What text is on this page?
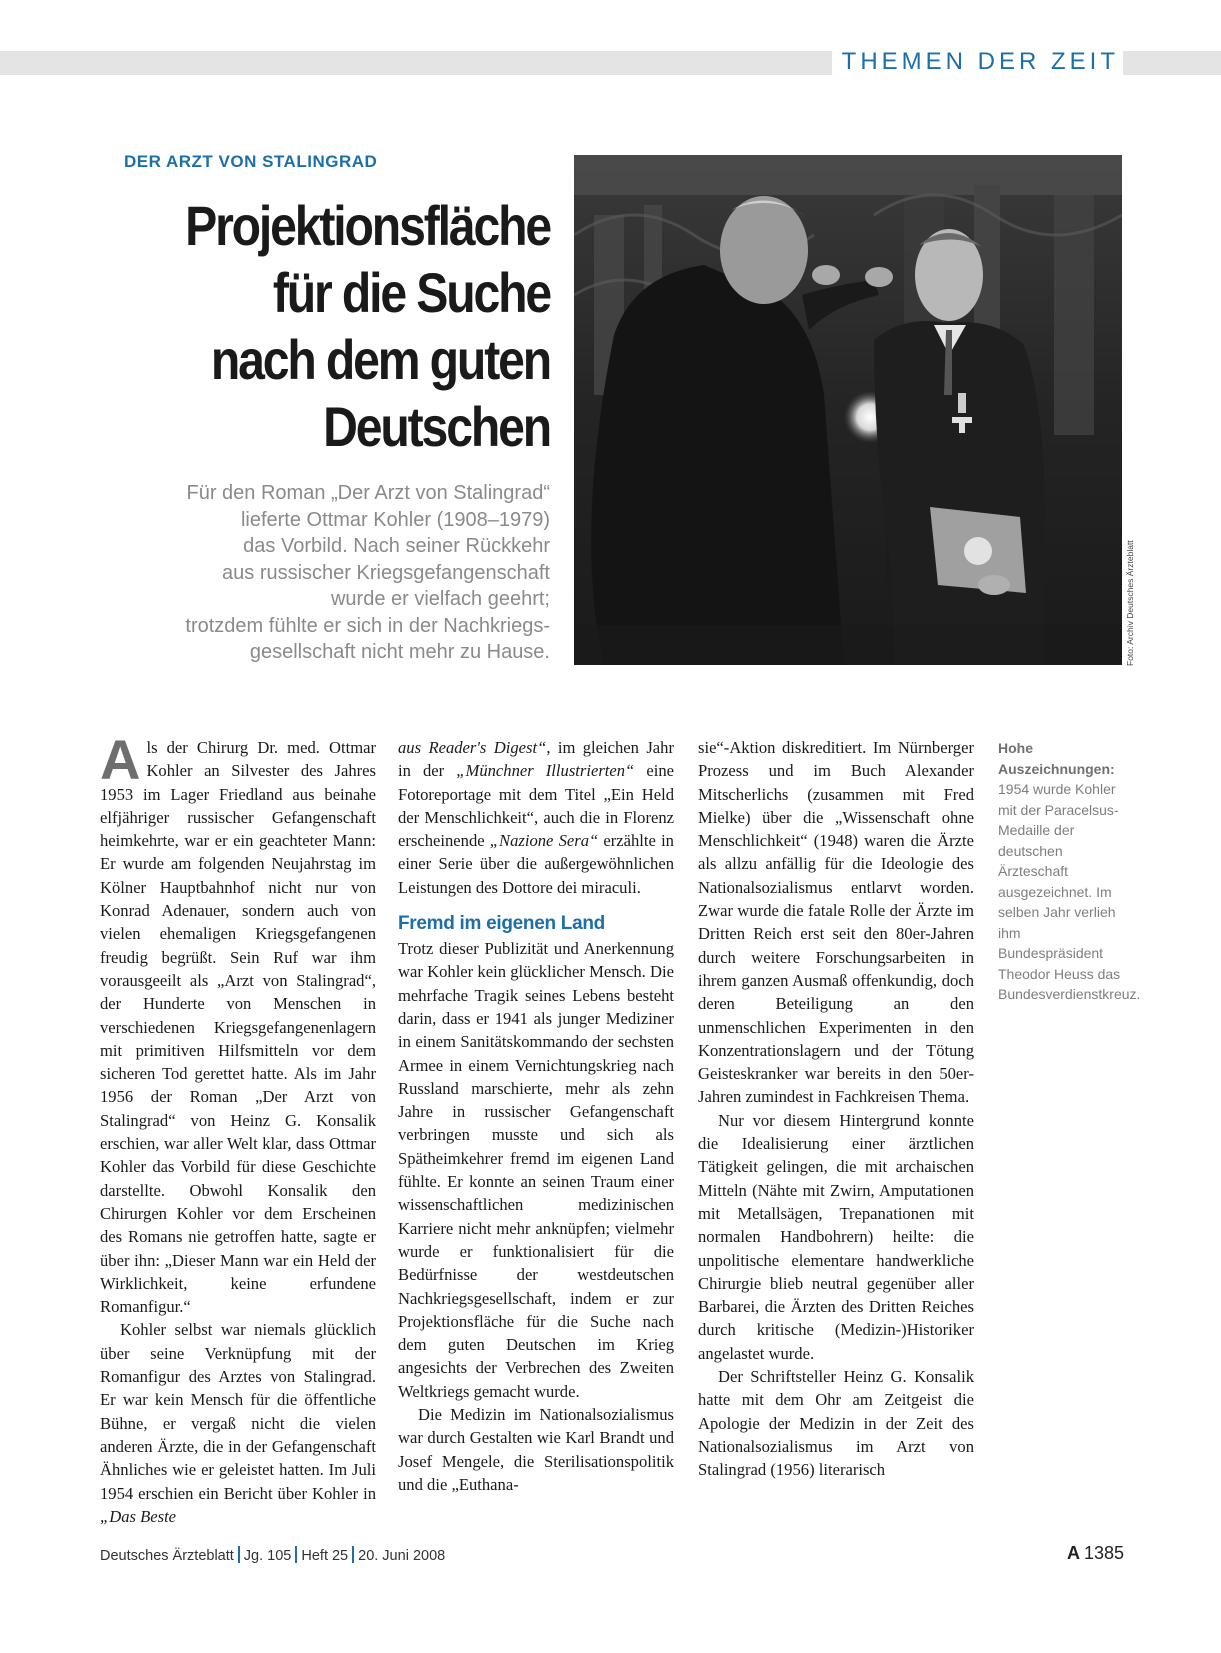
THEMEN DER ZEIT
DER ARZT VON STALINGRAD
Projektionsfläche
für die Suche
nach dem guten
Deutschen
Für den Roman „Der Arzt von Stalingrad“
lieferte Ottmar Kohler (1908–1979)
das Vorbild. Nach seiner Rückkehr
aus russischer Kriegsgefangenschaft
wurde er vielfach geehrt;
trotzdem fühlte er sich in der Nachkriegs-
gesellschaft nicht mehr zu Hause.	Foto: Archiv Deutsches Ärzteblatt

Als der Chirurg Dr. med. Ottmar Kohler an Silvester des Jahres 1953 im Lager Friedland aus beinahe elfjähriger russischer Gefangenschaft heimkehrte, war er ein geachteter Mann: Er wurde am folgenden Neujahrstag im Kölner Hauptbahnhof nicht nur von Konrad Adenauer, sondern auch von vielen ehemaligen Kriegsgefangenen freudig begrüßt. Sein Ruf war ihm vorausgeeilt als „Arzt von Stalingrad“, der Hunderte von Menschen in verschiedenen Kriegsgefangenenlagern mit primitiven Hilfsmitteln vor dem sicheren Tod gerettet hatte. Als im Jahr 1956 der Roman „Der Arzt von Stalingrad“ von Heinz G. Konsalik erschien, war aller Welt klar, dass Ottmar Kohler das Vorbild für diese Geschichte darstellte. Obwohl Konsalik den Chirurgen Kohler vor dem Erscheinen des Romans nie getroffen hatte, sagte er über ihn: „Dieser Mann war ein Held der Wirklichkeit, keine erfundene Romanfigur.“

Kohler selbst war niemals glücklich über seine Verknüpfung mit der Romanfigur des Arztes von Stalingrad. Er war kein Mensch für die öffentliche Bühne, er vergaß nicht die vielen anderen Ärzte, die in der Gefangenschaft Ähnliches wie er geleistet hatten. Im Juli 1954 erschien ein Bericht über Kohler in „Das Beste

aus Reader's Digest“, im gleichen Jahr in der „Münchner Illustrierten“ eine Fotoreportage mit dem Titel „Ein Held der Menschlichkeit“, auch die in Florenz erscheinende „Nazione Sera“ erzählte in einer Serie über die außergewöhnlichen Leistungen des Dottore dei miraculi.

Fremd im eigenen Land

Trotz dieser Publizität und Anerkennung war Kohler kein glücklicher Mensch. Die mehrfache Tragik seines Lebens besteht darin, dass er 1941 als junger Mediziner in einem Sanitätskommando der sechsten Armee in einem Vernichtungskrieg nach Russland marschierte, mehr als zehn Jahre in russischer Gefangenschaft verbringen musste und sich als Spätheimkehrer fremd im eigenen Land fühlte. Er konnte an seinen Traum einer wissenschaftlichen medizinischen Karriere nicht mehr anknüpfen; vielmehr wurde er funktionalisiert für die Bedürfnisse der westdeutschen Nachkriegsgesellschaft, indem er zur Projektionsfläche für die Suche nach dem guten Deutschen im Krieg angesichts der Verbrechen des Zweiten Weltkriegs gemacht wurde.

Die Medizin im Nationalsozialismus war durch Gestalten wie Karl Brandt und Josef Mengele, die Sterilisationspolitik und die „Euthana-

sie“-Aktion diskreditiert. Im Nürnberger Prozess und im Buch Alexander Mitscherlichs (zusammen mit Fred Mielke) über die „Wissenschaft ohne Menschlichkeit“ (1948) waren die Ärzte als allzu anfällig für die Ideologie des Nationalsozialismus entlarvt worden. Zwar wurde die fatale Rolle der Ärzte im Dritten Reich erst seit den 80er-Jahren durch weitere Forschungsarbeiten in ihrem ganzen Ausmaß offenkundig, doch deren Beteiligung an den unmenschlichen Experimenten in den Konzentrationslagern und der Tötung Geisteskranker war bereits in den 50er-Jahren zumindest in Fachkreisen Thema.

Nur vor diesem Hintergrund konnte die Idealisierung einer ärztlichen Tätigkeit gelingen, die mit archaischen Mitteln (Nähte mit Zwirn, Amputationen mit Metallsägen, Trepanationen mit normalen Handbohrern) heilte: die unpolitische elementare handwerkliche Chirurgie blieb neutral gegenüber aller Barbarei, die Ärzten des Dritten Reiches durch kritische (Medizin-)Historiker angelastet wurde.

Der Schriftsteller Heinz G. Konsalik hatte mit dem Ohr am Zeitgeist die Apologie der Medizin in der Zeit des Nationalsozialismus im Arzt von Stalingrad (1956) literarisch

Hohe Auszeichnungen:
1954 wurde Kohler mit der Paracelsus-Medaille der deutschen Ärzteschaft ausgezeichnet. Im selben Jahr verlieh ihm Bundespräsident Theodor Heuss das Bundesverdienstkreuz.
Deutsches Ärzteblatt Jg. 105 Heft 25 20. Juni 2008	A 1385
